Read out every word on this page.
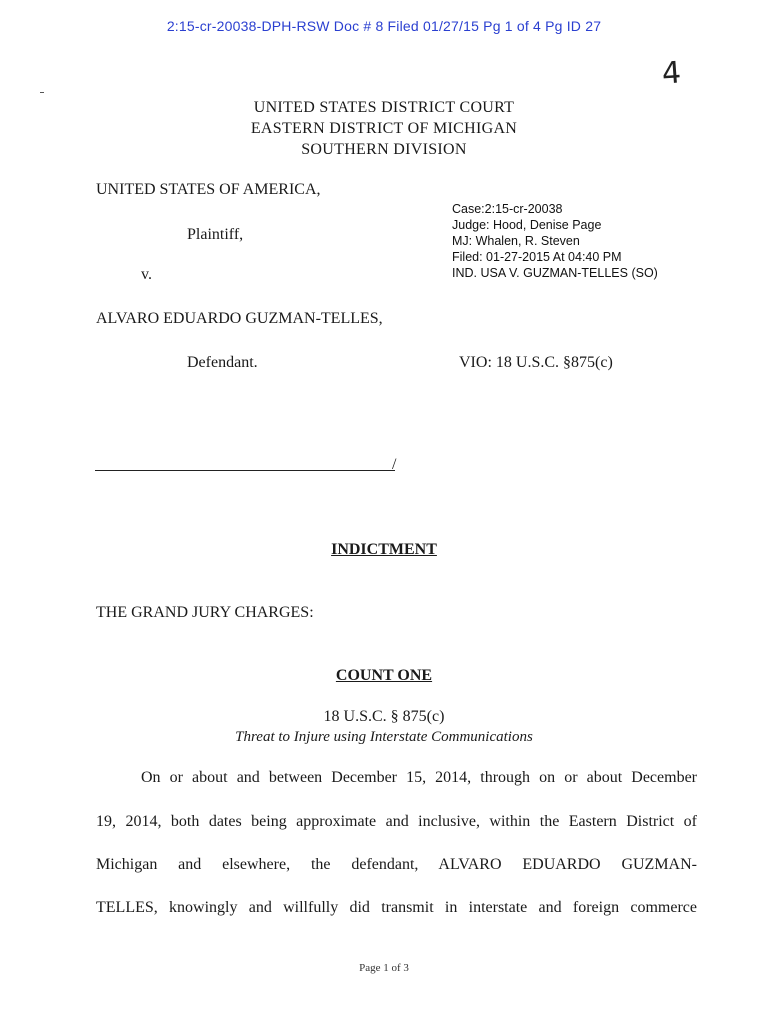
2:15-cr-20038-DPH-RSW Doc # 8 Filed 01/27/15 Pg 1 of 4 Pg ID 27
4
UNITED STATES DISTRICT COURT
EASTERN DISTRICT OF MICHIGAN
SOUTHERN DIVISION
UNITED STATES OF AMERICA,
Plaintiff,
v.
ALVARO EDUARDO GUZMAN-TELLES,
Defendant.	VIO: 18 U.S.C. §875(c)
Case:2:15-cr-20038
Judge: Hood, Denise Page
MJ: Whalen, R. Steven
Filed: 01-27-2015 At 04:40 PM
IND. USA V. GUZMAN-TELLES (SO)
/
INDICTMENT
THE GRAND JURY CHARGES:
COUNT ONE
18 U.S.C. § 875(c)
Threat to Injure using Interstate Communications
On or about and between December 15, 2014, through on or about December
19, 2014, both dates being approximate and inclusive, within the Eastern District of
Michigan and elsewhere, the defendant, ALVARO EDUARDO GUZMAN-
TELLES, knowingly and willfully did transmit in interstate and foreign commerce
Page 1 of 3
